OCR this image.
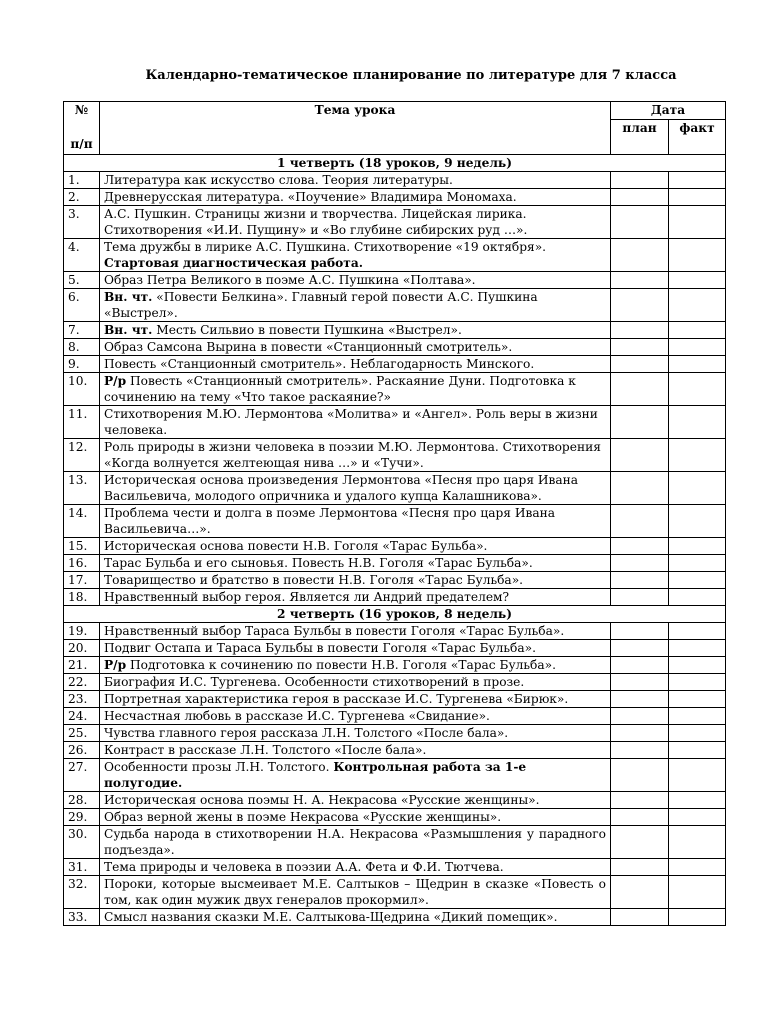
Календарно-тематическое планирование по литературе для 7 класса
№
п/п	Тема урока	Дата	
		план	факт
1 четверть (18 уроков, 9 недель)			
1.	Литература как искусство слова. Теория литературы.		
2.	Древнерусская литература. «Поучение» Владимира Мономаха.		
3.	А.С. Пушкин. Страницы жизни и творчества. Лицейская лирика. Стихотворения «И.И. Пущину» и «Во глубине сибирских руд …».		
4.	Тема дружбы в лирике А.С. Пушкина. Стихотворение «19 октября».
Стартовая диагностическая работа.		
5.	Образ Петра Великого в поэме А.С. Пушкина «Полтава».		
6.	Вн. чт. «Повести Белкина». Главный герой повести А.С. Пушкина «Выстрел».		
7.	Вн. чт. Месть Сильвио в повести Пушкина «Выстрел».		
8.	Образ Самсона Вырина в повести «Станционный смотритель».		
9.	Повесть «Станционный смотритель». Неблагодарность Минского.		
10.	Р/р Повесть «Станционный смотритель». Раскаяние Дуни. Подготовка к сочинению на тему «Что такое раскаяние?»		
11.	Стихотворения М.Ю. Лермонтова «Молитва» и «Ангел». Роль веры в жизни человека.		
12.	Роль природы в жизни человека в поэзии М.Ю. Лермонтова. Стихотворения «Когда волнуется желтеющая нива …» и «Тучи».		
13.	Историческая основа произведения Лермонтова «Песня про царя Ивана Васильевича, молодого опричника и удалого купца Калашникова».		
14.	Проблема чести и долга в поэме Лермонтова «Песня про царя Ивана Васильевича…».		
15.	Историческая основа повести Н.В. Гоголя «Тарас Бульба».		
16.	Тарас Бульба и его сыновья. Повесть Н.В. Гоголя «Тарас Бульба».		
17.	Товарищество и братство в повести Н.В. Гоголя «Тарас Бульба».		
18.	Нравственный выбор героя. Является ли Андрий предателем?		
2 четверть (16 уроков, 8 недель)			
19.	Нравственный выбор Тараса Бульбы в повести Гоголя «Тарас Бульба».		
20.	Подвиг Остапа и Тараса Бульбы в повести Гоголя «Тарас Бульба».		
21.	Р/р Подготовка к сочинению по повести Н.В. Гоголя «Тарас Бульба».		
22.	Биография И.С. Тургенева. Особенности стихотворений в прозе.		
23.	Портретная характеристика героя в рассказе И.С. Тургенева «Бирюк».		
24.	Несчастная любовь в рассказе И.С. Тургенева «Свидание».		
25.	Чувства главного героя рассказа Л.Н. Толстого «После бала».		
26.	Контраст в рассказе Л.Н. Толстого «После бала».		
27.	Особенности прозы Л.Н. Толстого. Контрольная работа за 1-е полугодие.		
28.	Историческая основа поэмы Н. А. Некрасова «Русские женщины».		
29.	Образ верной жены в поэме Некрасова «Русские женщины».		
30.	Судьба народа в стихотворении Н.А. Некрасова «Размышления у парадного подъезда».		
31.	Тема природы и человека в поэзии А.А. Фета и Ф.И. Тютчева.		
32.	Пороки, которые высмеивает М.Е. Салтыков – Щедрин в сказке «Повесть о том, как один мужик двух генералов прокормил».		
33.	Смысл названия сказки М.Е. Салтыкова-Щедрина «Дикий помещик».		
